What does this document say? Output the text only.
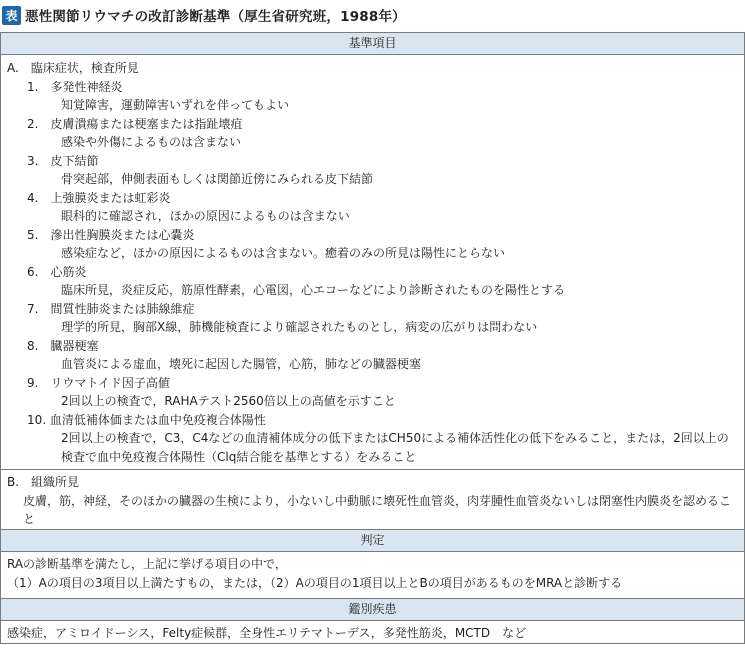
表 悪性関節リウマチの改訂診断基準（厚生省研究班，1988年）
基準項目
A.　臨床症状，検査所見
1.　多発性神経炎
知覚障害，運動障害いずれを伴ってもよい
2.　皮膚潰瘍または梗塞または指趾壊疽
感染や外傷によるものは含まない
3.　皮下結節
骨突起部，伸側表面もしくは関節近傍にみられる皮下結節
4.　上強膜炎または虹彩炎
眼科的に確認され，ほかの原因によるものは含まない
5.　滲出性胸膜炎または心嚢炎
感染症など，ほかの原因によるものは含まない。癒着のみの所見は陽性にとらない
6.　心筋炎
臨床所見，炎症反応，筋原性酵素，心電図，心エコーなどにより診断されたものを陽性とする
7.　間質性肺炎または肺線維症
理学的所見，胸部X線，肺機能検査により確認されたものとし，病変の広がりは問わない
8.　臓器梗塞
血管炎による虚血，壊死に起因した腸管，心筋，肺などの臓器梗塞
9.　リウマトイド因子高値
2回以上の検査で，RAHAテスト2560倍以上の高値を示すこと
10. 血清低補体価または血中免疫複合体陽性
2回以上の検査で，C3，C4などの血清補体成分の低下またはCH50による補体活性化の低下をみること，または，2回以上の検査で血中免疫複合体陽性（Clq結合能を基準とする）をみること
B.　組織所見
皮膚，筋，神経，そのほかの臓器の生検により，小ないし中動脈に壊死性血管炎，肉芽腫性血管炎ないしは閉塞性内膜炎を認めること
判定
RAの診断基準を満たし，上記に挙げる項目の中で，
（1）Aの項目の3項目以上満たすもの，または，（2）Aの項目の1項目以上とBの項目があるものをMRAと診断する
鑑別疾患
感染症，アミロイドーシス，Felty症候群，全身性エリテマトーデス，多発性筋炎，MCTD　など
